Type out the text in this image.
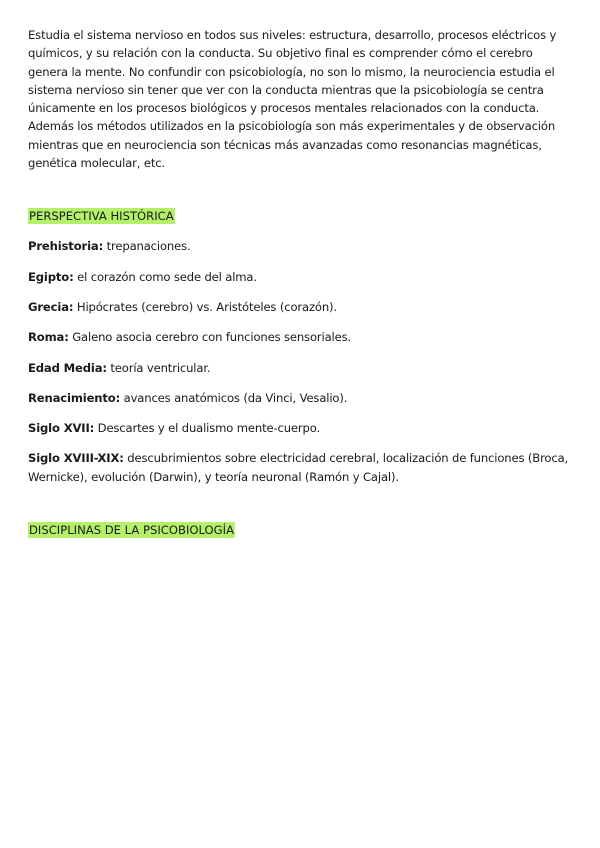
Estudia el sistema nervioso en todos sus niveles: estructura, desarrollo, procesos eléctricos y químicos, y su relación con la conducta. Su objetivo final es comprender cómo el cerebro genera la mente. No confundir con psicobiología, no son lo mismo, la neurociencia estudia el sistema nervioso sin tener que ver con la conducta mientras que la psicobiología se centra únicamente en los procesos biológicos y procesos mentales relacionados con la conducta. Además los métodos utilizados en la psicobiología son más experimentales y de observación mientras que en neurociencia son técnicas más avanzadas como resonancias magnéticas, genética molecular, etc.

PERSPECTIVA HISTÓRICA
Prehistoria: trepanaciones.
Egipto: el corazón como sede del alma.
Grecia: Hipócrates (cerebro) vs. Aristóteles (corazón).
Roma: Galeno asocia cerebro con funciones sensoriales.
Edad Media: teoría ventricular.
Renacimiento: avances anatómicos (da Vinci, Vesalio).
Siglo XVII: Descartes y el dualismo mente-cuerpo.
Siglo XVIII-XIX: descubrimientos sobre electricidad cerebral, localización de funciones (Broca, Wernicke), evolución (Darwin), y teoría neuronal (Ramón y Cajal).
DISCIPLINAS DE LA PSICOBIOLOGÍA
